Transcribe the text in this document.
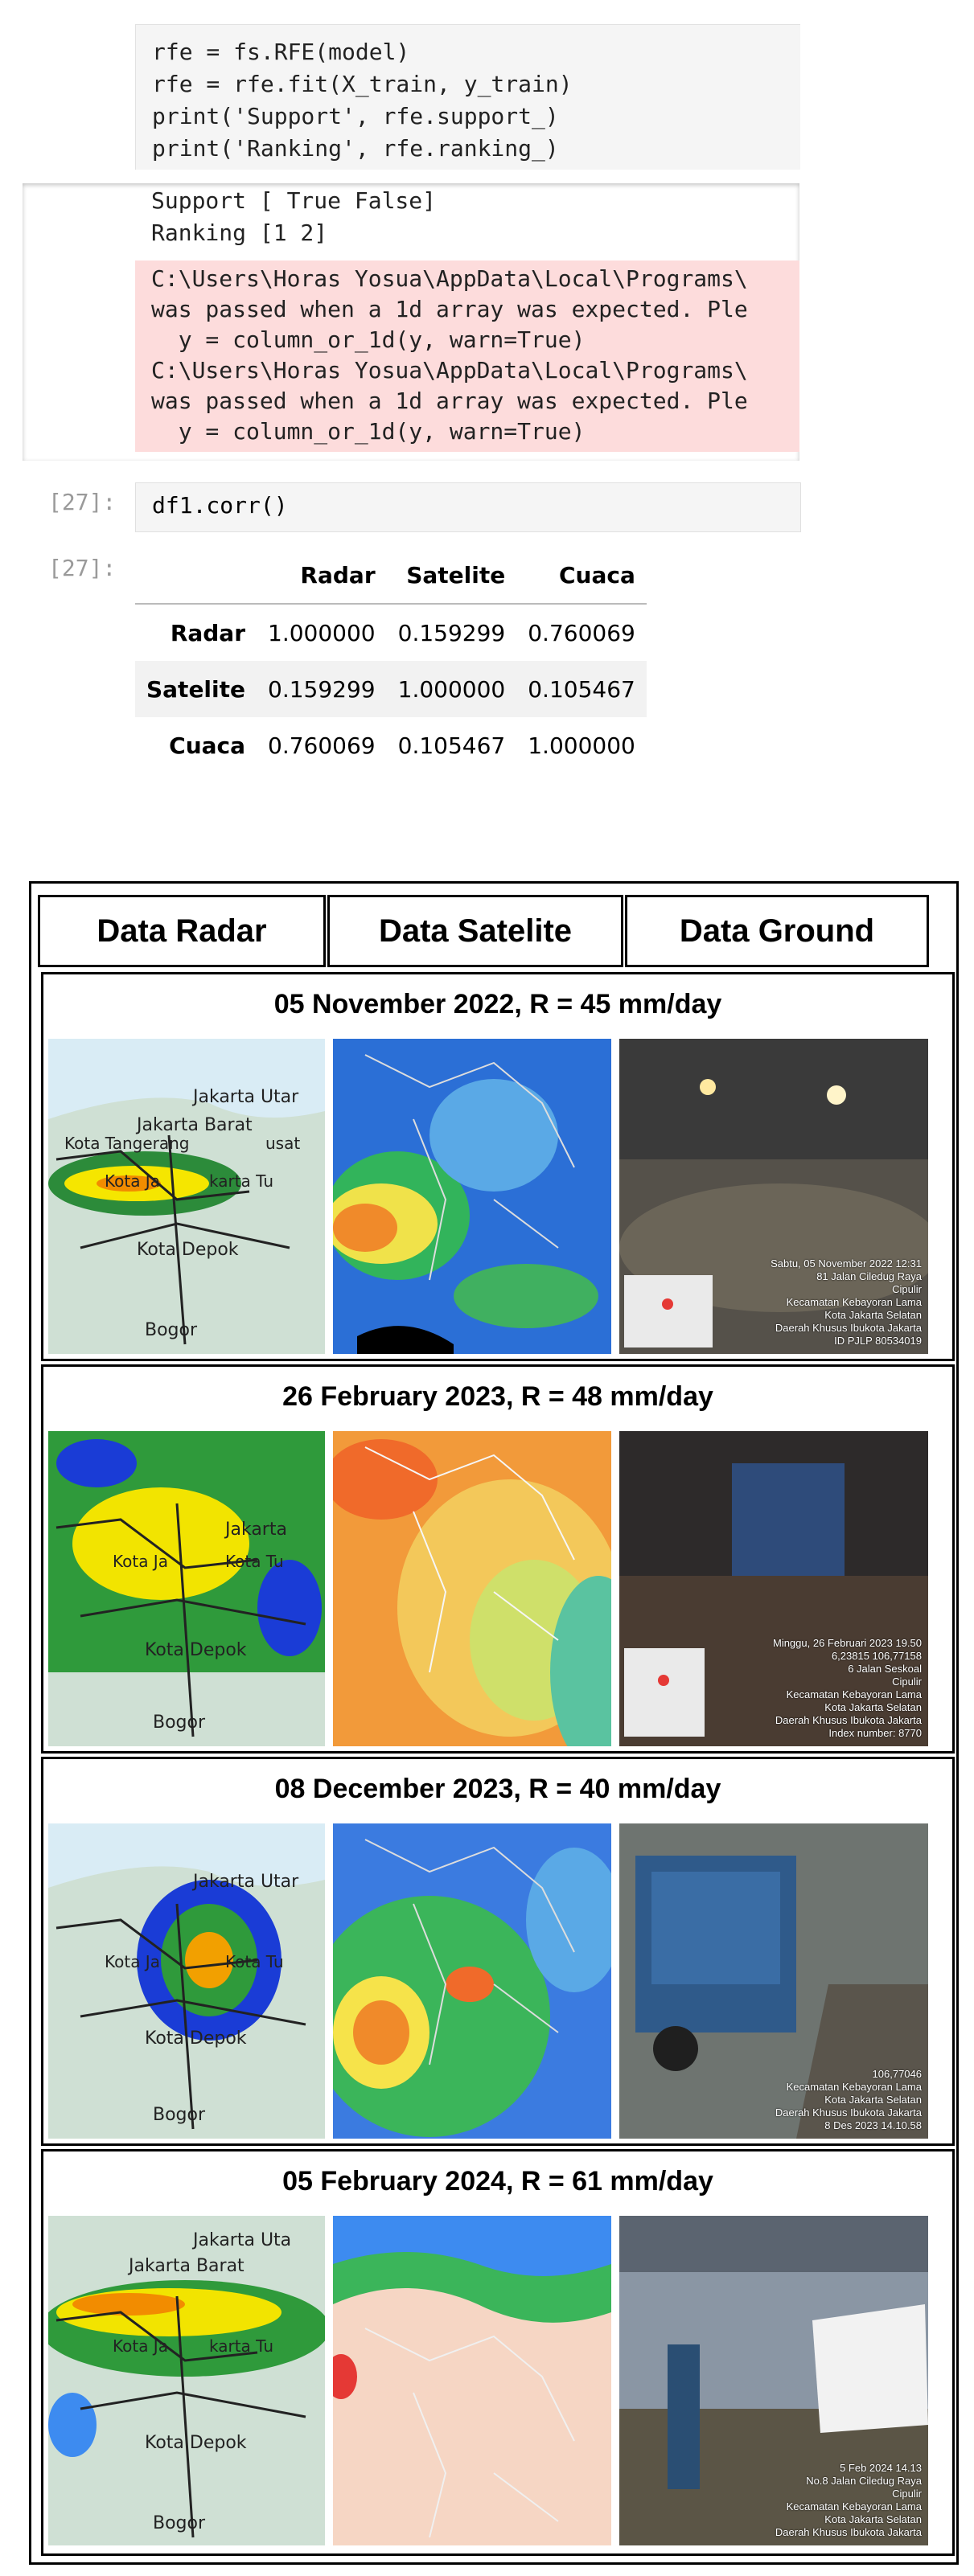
rfe = fs.RFE(model)
rfe = rfe.fit(X_train, y_train)
print('Support', rfe.support_)
print('Ranking', rfe.ranking_)
Support [ True False]
Ranking [1 2]
C:\Users\Horas Yosua\AppData\Local\Programs\
was passed when a 1d array was expected. Ple
y = column_or_1d(y, warn=True)
C:\Users\Horas Yosua\AppData\Local\Programs\
was passed when a 1d array was expected. Ple
y = column_or_1d(y, warn=True)
[27]: df1.corr()
[27]:
		Radar	Satelite	Cuaca
Radar	1.000000	0.159299	0.760069
Satelite	0.159299	1.000000	0.105467
Cuaca	0.760069	0.105467	1.000000
Data Radar	Data Satelite	Data Ground
05 November 2022, R = 45 mm/day
Jakarta Utar
Jakarta Barat
Kota Tangerang	usat
Kota Ja	karta Tu
Kota Depok
Bogor
Sabtu, 05 November 2022 12:31
81 Jalan Ciledug Raya
Cipulir
Kecamatan Kebayoran Lama
Kota Jakarta Selatan
Daerah Khusus Ibukota Jakarta
ID PJLP 80534019
26 February 2023, R = 48 mm/day
Jakarta
Kota Ja	Kota Tu
Kota Depok
Bogor
Minggu, 26 Februari 2023 19.50
6,23815 106,77158
6 Jalan Seskoal
Cipulir
Kecamatan Kebayoran Lama
Kota Jakarta Selatan
Daerah Khusus Ibukota Jakarta
Index number: 8770
08 December 2023, R = 40 mm/day
Jakarta Utar
Kota Ja	Kota Tu
Kota Depok
Bogor
106,77046
Kecamatan Kebayoran Lama
Kota Jakarta Selatan
Daerah Khusus Ibukota Jakarta
8 Des 2023 14.10.58
05 February 2024, R = 61 mm/day
Jakarta Uta
Jakarta Barat
Kota Ja	karta Tu
Kota Depok
Bogor
5 Feb 2024 14.13
No.8 Jalan Ciledug Raya
Cipulir
Kecamatan Kebayoran Lama
Kota Jakarta Selatan
Daerah Khusus Ibukota Jakarta
